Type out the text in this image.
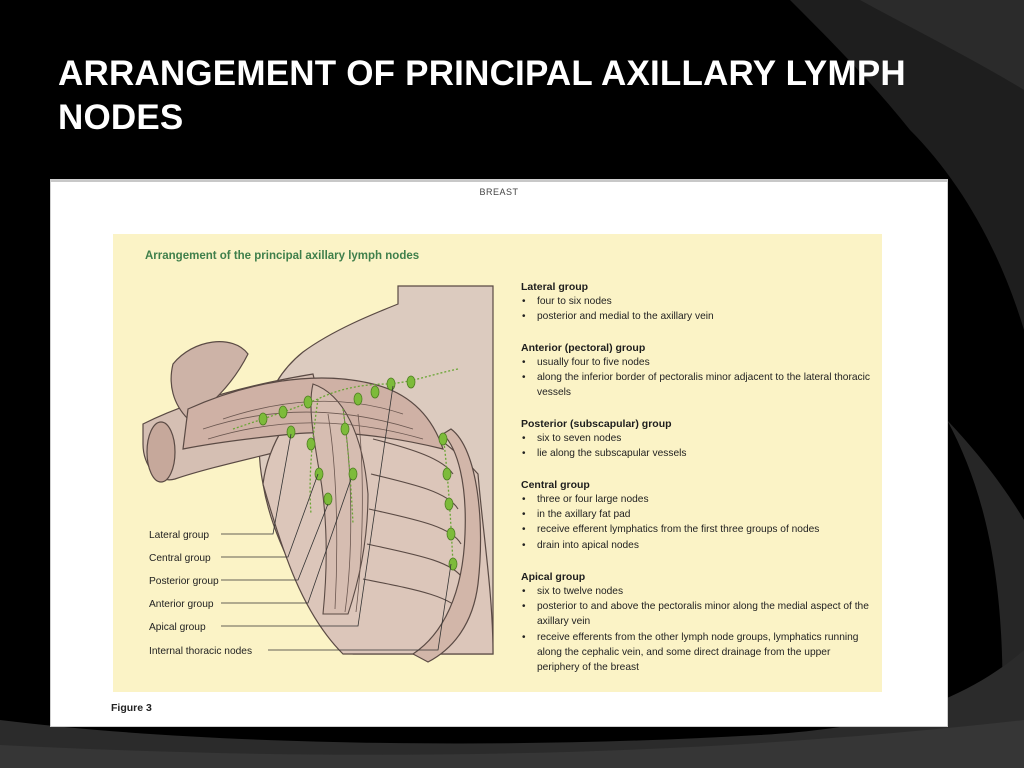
ARRANGEMENT OF PRINCIPAL AXILLARY LYMPH NODES
BREAST
Lateral group
Central group
Posterior group
Anterior group
Apical group
Internal thoracic nodes
Arrangement of the principal axillary lymph nodes

Lateral group

• four to six nodes
• posterior and medial to the axillary vein

Anterior (pectoral) group

• usually four to five nodes
• along the inferior border of pectoralis minor adjacent to the lateral thoracic vessels

Posterior (subscapular) group

• six to seven nodes
• lie along the subscapular vessels

Central group

• three or four large nodes
• in the axillary fat pad
• receive efferent lymphatics from the first three groups of nodes
• drain into apical nodes

Apical group

• six to twelve nodes
• posterior to and above the pectoralis minor along the medial aspect of the axillary vein
• receive efferents from the other lymph node groups, lymphatics running along the cephalic vein, and some direct drainage from the upper periphery of the breast
Figure 3
